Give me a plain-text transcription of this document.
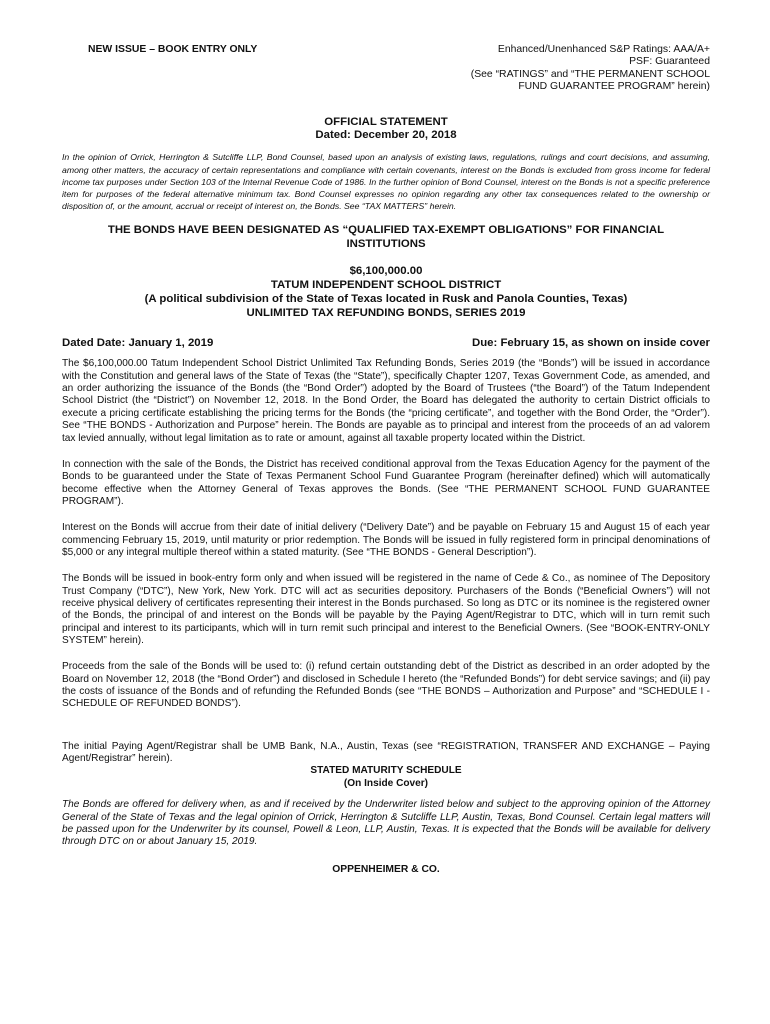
NEW ISSUE – BOOK ENTRY ONLY	Enhanced/Unenhanced S&P Ratings: AAA/A+
PSF: Guaranteed
(See “RATINGS” and “THE PERMANENT SCHOOL
FUND GUARANTEE PROGRAM” herein)
OFFICIAL STATEMENT
Dated: December 20, 2018
In the opinion of Orrick, Herrington & Sutcliffe LLP, Bond Counsel, based upon an analysis of existing laws, regulations, rulings and court decisions, and assuming, among other matters, the accuracy of certain representations and compliance with certain covenants, interest on the Bonds is excluded from gross income for federal income tax purposes under Section 103 of the Internal Revenue Code of 1986. In the further opinion of Bond Counsel, interest on the Bonds is not a specific preference item for purposes of the federal alternative minimum tax. Bond Counsel expresses no opinion regarding any other tax consequences related to the ownership or disposition of, or the amount, accrual or receipt of interest on, the Bonds. See “TAX MATTERS” herein.
THE BONDS HAVE BEEN DESIGNATED AS “QUALIFIED TAX-EXEMPT OBLIGATIONS” FOR FINANCIAL INSTITUTIONS
$6,100,000.00
TATUM INDEPENDENT SCHOOL DISTRICT
(A political subdivision of the State of Texas located in Rusk and Panola Counties, Texas)
UNLIMITED TAX REFUNDING BONDS, SERIES 2019
Dated Date: January 1, 2019	Due: February 15, as shown on inside cover

The $6,100,000.00 Tatum Independent School District Unlimited Tax Refunding Bonds, Series 2019 (the “Bonds”) will be issued in accordance with the Constitution and general laws of the State of Texas (the “State”), specifically Chapter 1207, Texas Government Code, as amended, and an order authorizing the issuance of the Bonds (the “Bond Order”) adopted by the Board of Trustees (“the Board”) of the Tatum Independent School District (the “District”) on November 12, 2018. In the Bond Order, the Board has delegated the authority to certain District officials to execute a pricing certificate establishing the pricing terms for the Bonds (the “pricing certificate”, and together with the Bond Order, the “Order”). See “THE BONDS - Authorization and Purpose” herein. The Bonds are payable as to principal and interest from the proceeds of an ad valorem tax levied annually, without legal limitation as to rate or amount, against all taxable property located within the District.

In connection with the sale of the Bonds, the District has received conditional approval from the Texas Education Agency for the payment of the Bonds to be guaranteed under the State of Texas Permanent School Fund Guarantee Program (hereinafter defined) which will automatically become effective when the Attorney General of Texas approves the Bonds. (See “THE PERMANENT SCHOOL FUND GUARANTEE PROGRAM”).

Interest on the Bonds will accrue from their date of initial delivery (“Delivery Date”) and be payable on February 15 and August 15 of each year commencing February 15, 2019, until maturity or prior redemption. The Bonds will be issued in fully registered form in principal denominations of $5,000 or any integral multiple thereof within a stated maturity. (See “THE BONDS - General Description”).

The Bonds will be issued in book-entry form only and when issued will be registered in the name of Cede & Co., as nominee of The Depository Trust Company (“DTC”), New York, New York. DTC will act as securities depository. Purchasers of the Bonds (“Beneficial Owners”) will not receive physical delivery of certificates representing their interest in the Bonds purchased. So long as DTC or its nominee is the registered owner of the Bonds, the principal of and interest on the Bonds will be payable by the Paying Agent/Registrar to DTC, which will in turn remit such principal and interest to its participants, which will in turn remit such principal and interest to the Beneficial Owners. (See “BOOK-ENTRY-ONLY SYSTEM” herein).

Proceeds from the sale of the Bonds will be used to: (i) refund certain outstanding debt of the District as described in an order adopted by the Board on November 12, 2018 (the “Bond Order”) and disclosed in Schedule I hereto (the “Refunded Bonds”) for debt service savings; and (ii) pay the costs of issuance of the Bonds and of refunding the Refunded Bonds (see “THE BONDS – Authorization and Purpose” and “SCHEDULE I - SCHEDULE OF REFUNDED BONDS”).

The initial Paying Agent/Registrar shall be UMB Bank, N.A., Austin, Texas (see “REGISTRATION, TRANSFER AND EXCHANGE – Paying Agent/Registrar” herein).

STATED MATURITY SCHEDULE
(On Inside Cover)
The Bonds are offered for delivery when, as and if received by the Underwriter listed below and subject to the approving opinion of the Attorney General of the State of Texas and the legal opinion of Orrick, Herrington & Sutcliffe LLP, Austin, Texas, Bond Counsel. Certain legal matters will be passed upon for the Underwriter by its counsel, Powell & Leon, LLP, Austin, Texas. It is expected that the Bonds will be available for delivery through DTC on or about January 15, 2019.
OPPENHEIMER & CO.
